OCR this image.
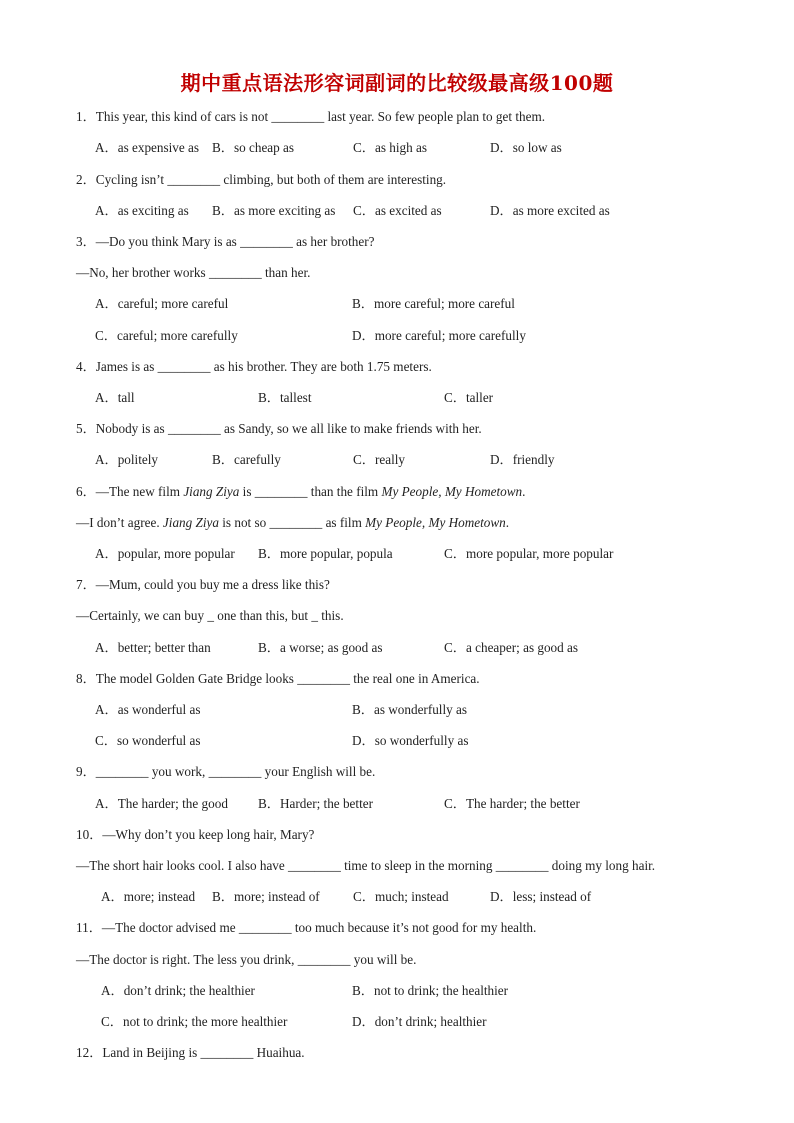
期中重点语法形容词副词的比较级最高级100题
1．This year, this kind of cars is not ________ last year. So few people plan to get them.
A．as expensive as B．so cheap as	C．as high as	D．so low as
2．Cycling isn’t ________ climbing, but both of them are interesting.
A．as exciting as B．as more exciting as C．as excited as	D．as more excited as
3．—Do you think Mary is as ________ as her brother?
—No, her brother works ________ than her.
A．careful; more careful	B．more careful; more careful
C．careful; more carefully	D．more careful; more carefully
4．James is as ________ as his brother. They are both 1.75 meters.
A．tall	B．tallest	C．taller
5．Nobody is as ________ as Sandy, so we all like to make friends with her.
A．politely	B．carefully	C．really	D．friendly
6．—The new film Jiang Ziya is ________ than the film My People, My Hometown.
—I don’t agree. Jiang Ziya is not so ________ as film My People, My Hometown.
A．popular, more popular B．more popular, popula	C．more popular, more popular
7．—Mum, could you buy me a dress like this?
—Certainly, we can buy _ one than this, but _ this.
A．better; better than	B．a worse; as good as	C．a cheaper; as good as
8．The model Golden Gate Bridge looks ________ the real one in America.
A．as wonderful as	B．as wonderfully as
C．so wonderful as	D．so wonderfully as
9．________ you work, ________ your English will be.
A．The harder; the good B．Harder; the better	C．The harder; the better
10．—Why don’t you keep long hair, Mary?
—The short hair looks cool. I also have ________ time to sleep in the morning ________ doing my long hair.
A．more; instead B．more; instead of	C．much; instead	D．less; instead of
11．—The doctor advised me ________ too much because it’s not good for my health.
—The doctor is right. The less you drink, ________ you will be.
A．don’t drink; the healthier	B．not to drink; the healthier
C．not to drink; the more healthier	D．don’t drink; healthier
12．Land in Beijing is ________ Huaihua.
